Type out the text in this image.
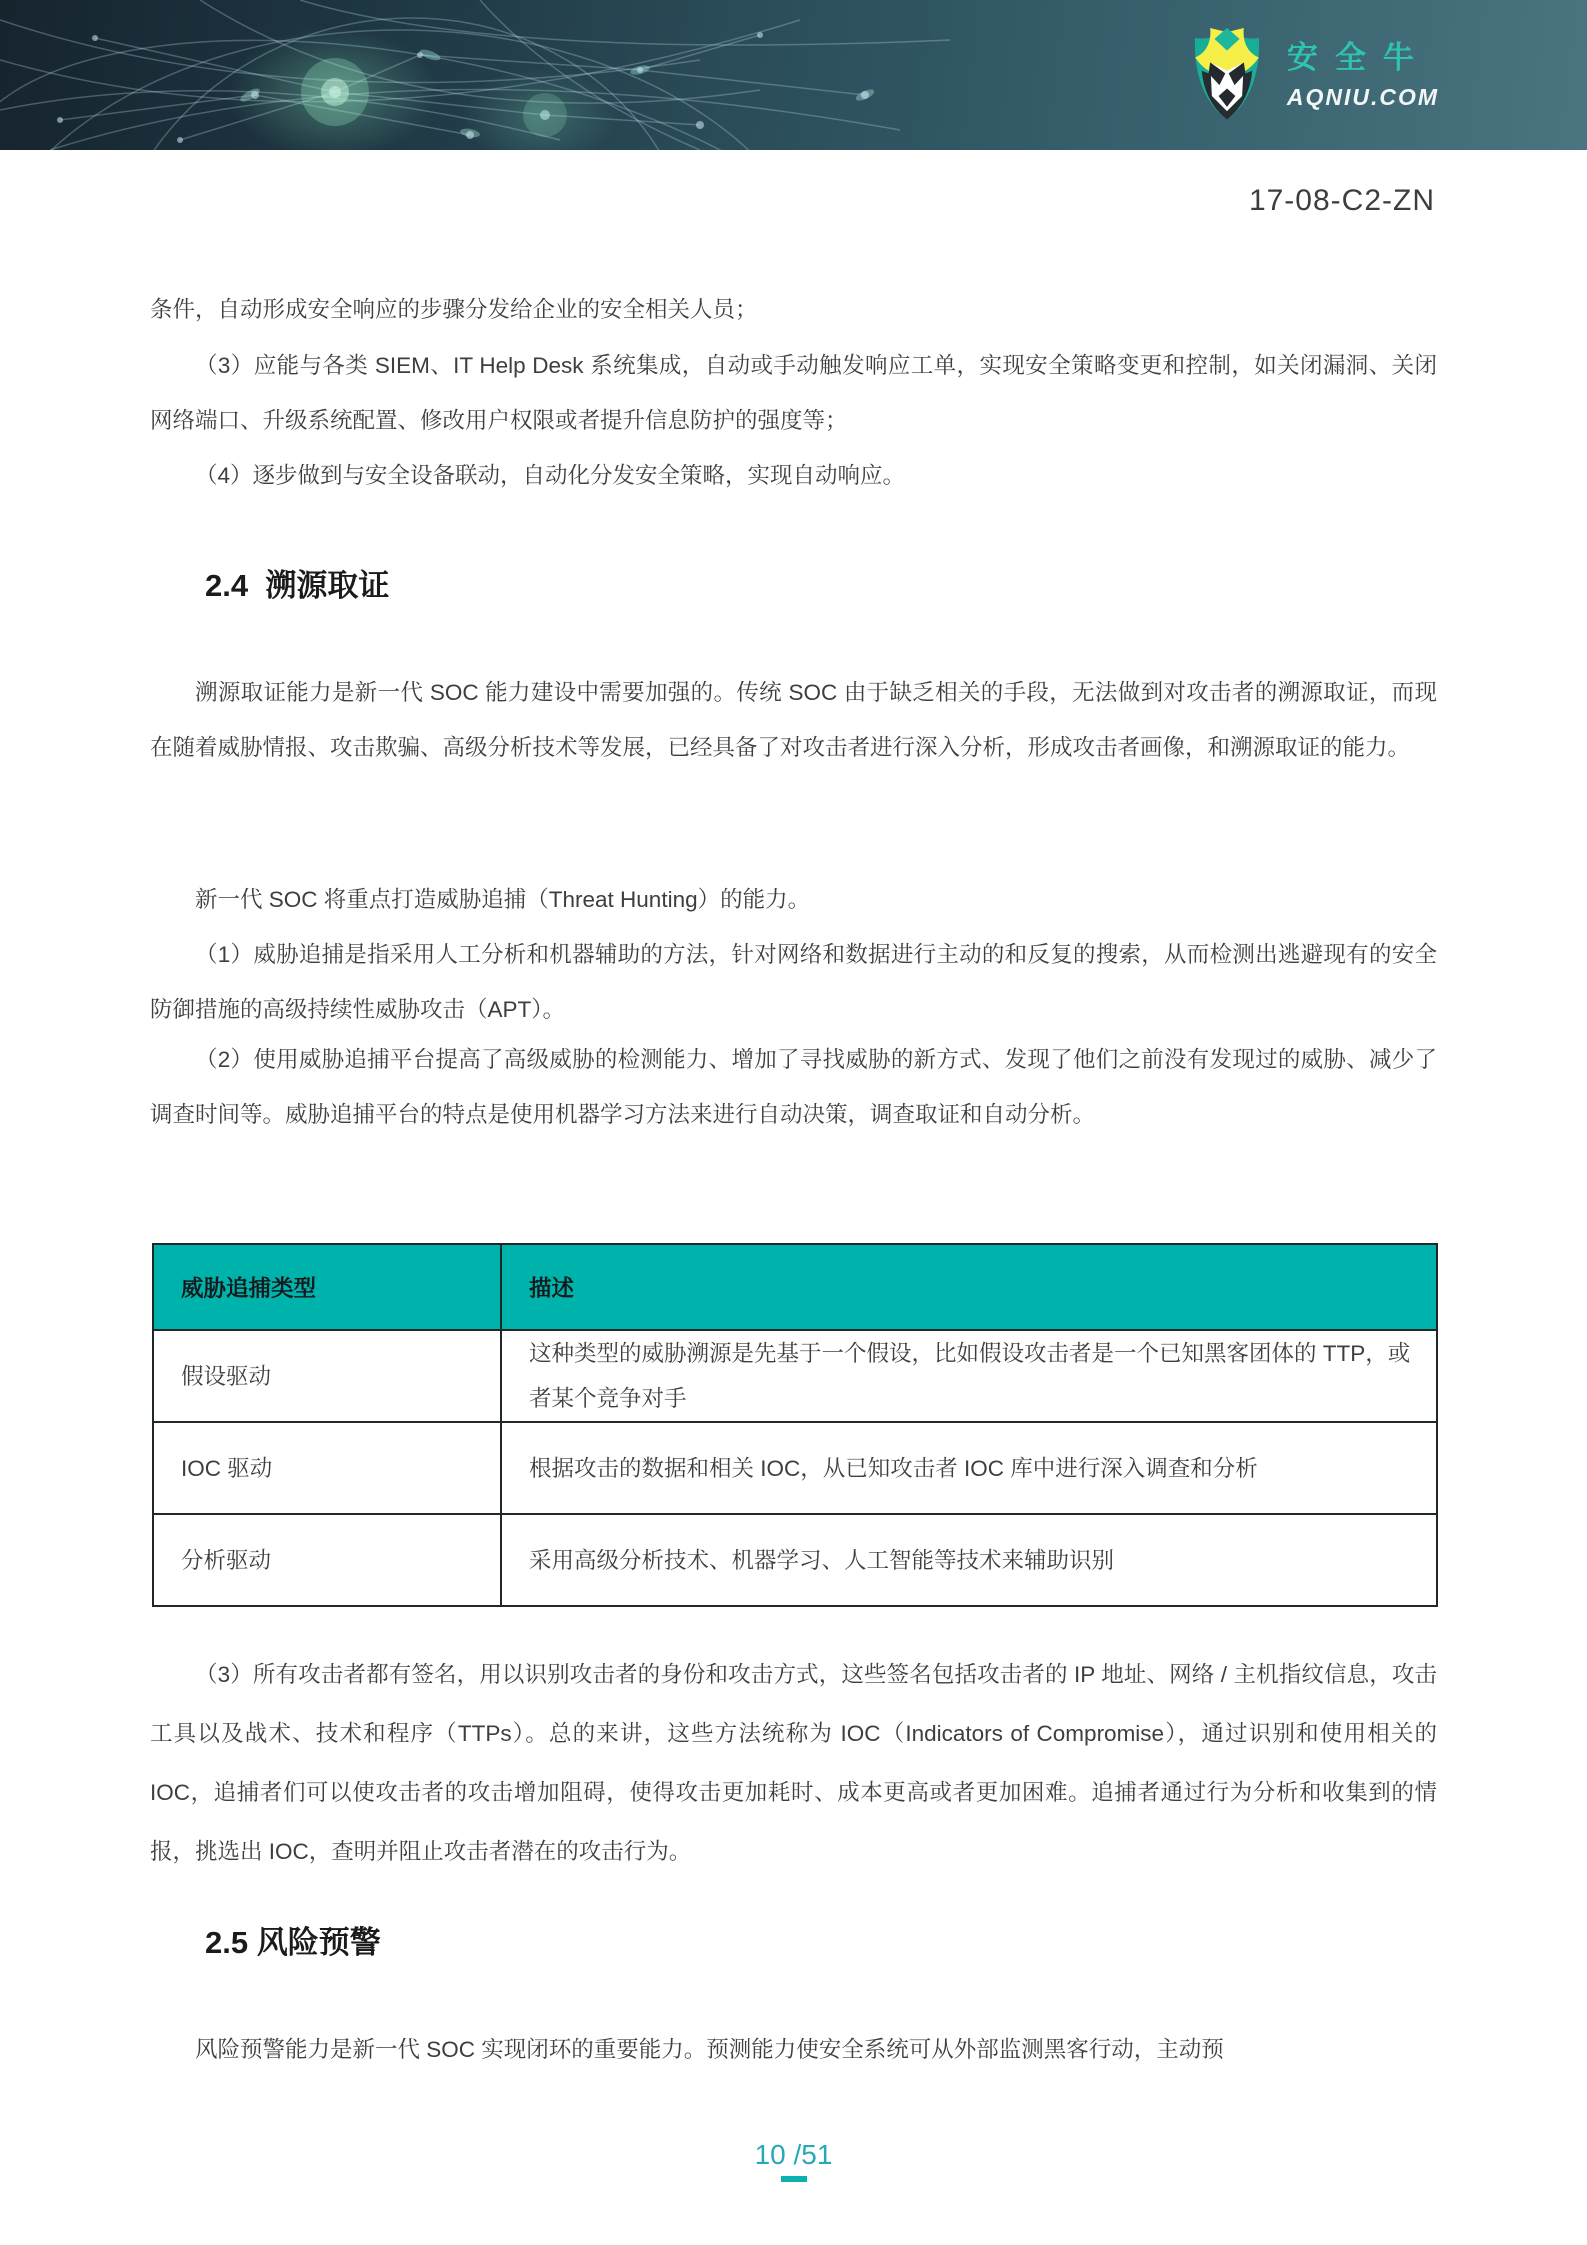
安全牛
AQNIU.COM
17-08-C2-ZN
条件，自动形成安全响应的步骤分发给企业的安全相关人员；
（3）应能与各类 SIEM、IT Help Desk 系统集成，自动或手动触发响应工单，实现安全策略变更和控制，如关闭漏洞、关闭网络端口、升级系统配置、修改用户权限或者提升信息防护的强度等；
（4）逐步做到与安全设备联动，自动化分发安全策略，实现自动响应。
2.4  溯源取证
溯源取证能力是新一代 SOC 能力建设中需要加强的。传统 SOC 由于缺乏相关的手段，无法做到对攻击者的溯源取证，而现在随着威胁情报、攻击欺骗、高级分析技术等发展，已经具备了对攻击者进行深入分析，形成攻击者画像，和溯源取证的能力。
新一代 SOC 将重点打造威胁追捕（Threat Hunting）的能力。
（1）威胁追捕是指采用人工分析和机器辅助的方法，针对网络和数据进行主动的和反复的搜索，从而检测出逃避现有的安全防御措施的高级持续性威胁攻击（APT）。
（2）使用威胁追捕平台提高了高级威胁的检测能力、增加了寻找威胁的新方式、发现了他们之前没有发现过的威胁、减少了调查时间等。威胁追捕平台的特点是使用机器学习方法来进行自动决策，调查取证和自动分析。
威胁追捕类型	描述
假设驱动	这种类型的威胁溯源是先基于一个假设，比如假设攻击者是一个已知黑客团体的 TTP，或者某个竞争对手
IOC 驱动	根据攻击的数据和相关 IOC，从已知攻击者 IOC 库中进行深入调查和分析
分析驱动	采用高级分析技术、机器学习、人工智能等技术来辅助识别
（3）所有攻击者都有签名，用以识别攻击者的身份和攻击方式，这些签名包括攻击者的 IP 地址、网络 / 主机指纹信息，攻击工具以及战术、技术和程序（TTPs）。总的来讲，这些方法统称为 IOC（Indicators of Compromise），通过识别和使用相关的 IOC，追捕者们可以使攻击者的攻击增加阻碍，使得攻击更加耗时、成本更高或者更加困难。追捕者通过行为分析和收集到的情报，挑选出 IOC，查明并阻止攻击者潜在的攻击行为。
2.5 风险预警
风险预警能力是新一代 SOC 实现闭环的重要能力。预测能力使安全系统可从外部监测黑客行动，主动预
10 /51
